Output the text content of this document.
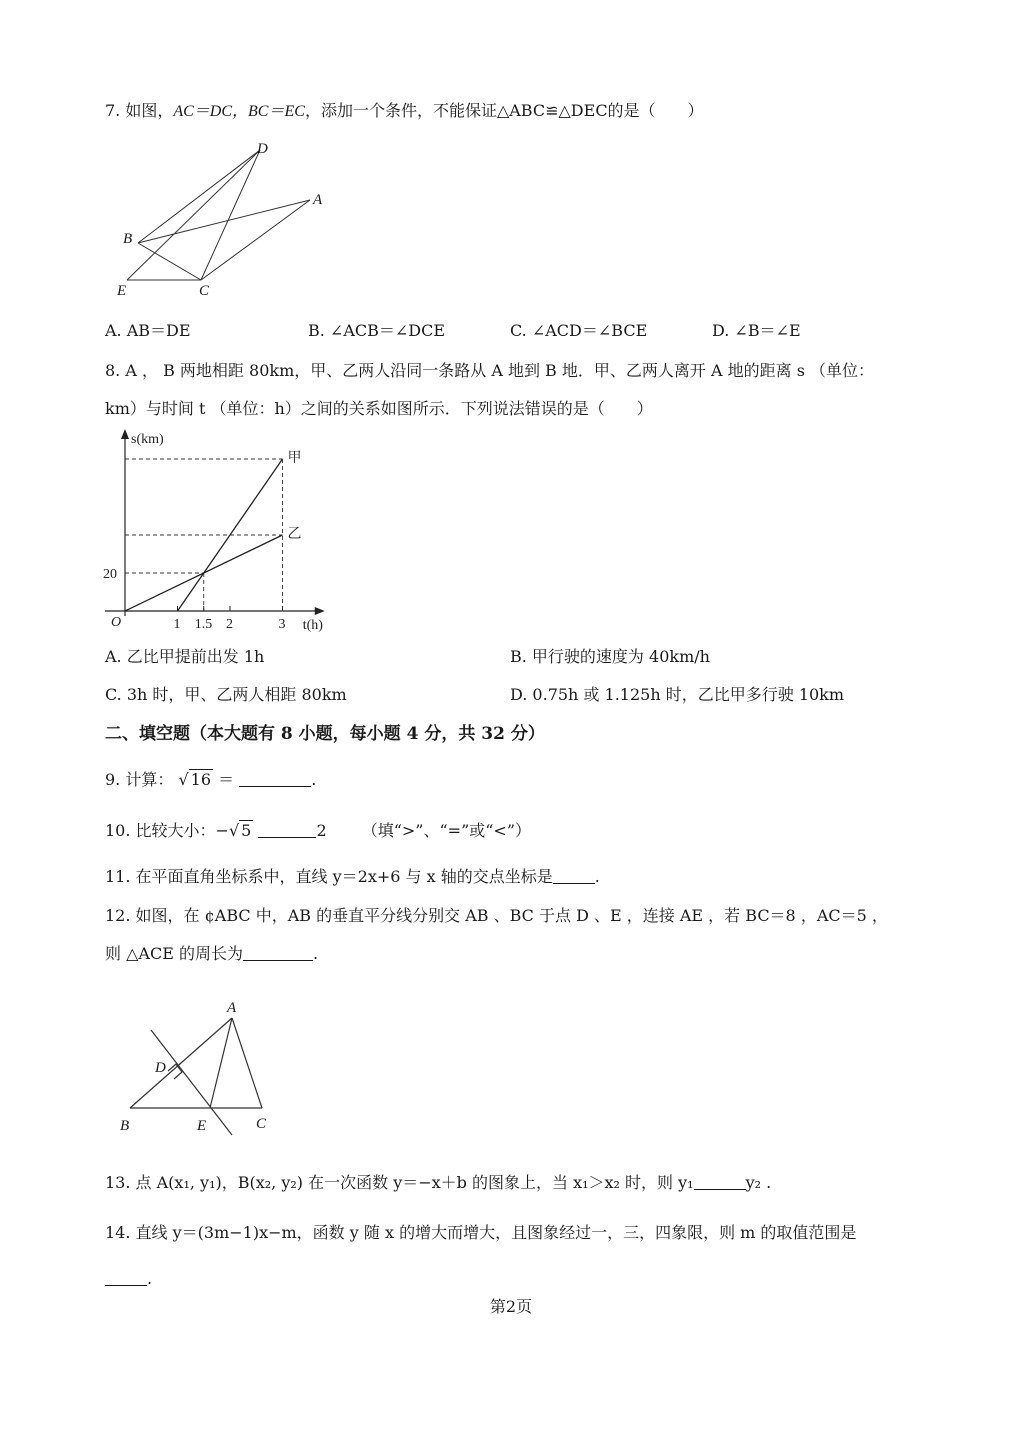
7. 如图，AC＝DC，BC＝EC，添加一个条件，不能保证△ABC≌△DEC的是（　　）
D
A
B
E	C
A. AB＝DE	B. ∠ACB＝∠DCE	C. ∠ACD＝∠BCE	D. ∠B＝∠E
8. A ， B 两地相距 80km，甲、乙两人沿同一条路从 A 地到 B 地．甲、乙两人离开 A 地的距离 s （单位：
km）与时间 t （单位：h）之间的关系如图所示．下列说法错误的是（　　）
s(km)
t(h)
O	1 1.5 2	3
20
甲
乙
A. 乙比甲提前出发 1h	B. 甲行驶的速度为 40km/h
C. 3h 时，甲、乙两人相距 80km	D. 0.75h 或 1.125h 时，乙比甲多行驶 10km
二、填空题（本大题有 8 小题，每小题 4 分，共 32 分）
9. 计算： √ 16 ＝	.
10. 比较大小：−√ 5	2 （填“>”、“=”或“<”）
11. 在平面直角坐标系中，直线 y＝2x+6 与 x 轴的交点坐标是	.
12. 如图，在 ¢ABC 中，AB 的垂直平分线分别交 AB 、BC 于点 D 、E ，连接 AE ，若 BC＝8 ，AC＝5 ，
则 △ACE 的周长为	.
A
D
B	E	C
13. 点 A(x₁, y₁)，B(x₂, y₂) 在一次函数 y＝−x＋b 的图象上，当 x₁＞x₂ 时，则 y₁	y₂ .
14. 直线 y＝(3m−1)x−m，函数 y 随 x 的增大而增大，且图象经过一，三，四象限，则 m 的取值范围是
.
第2页
